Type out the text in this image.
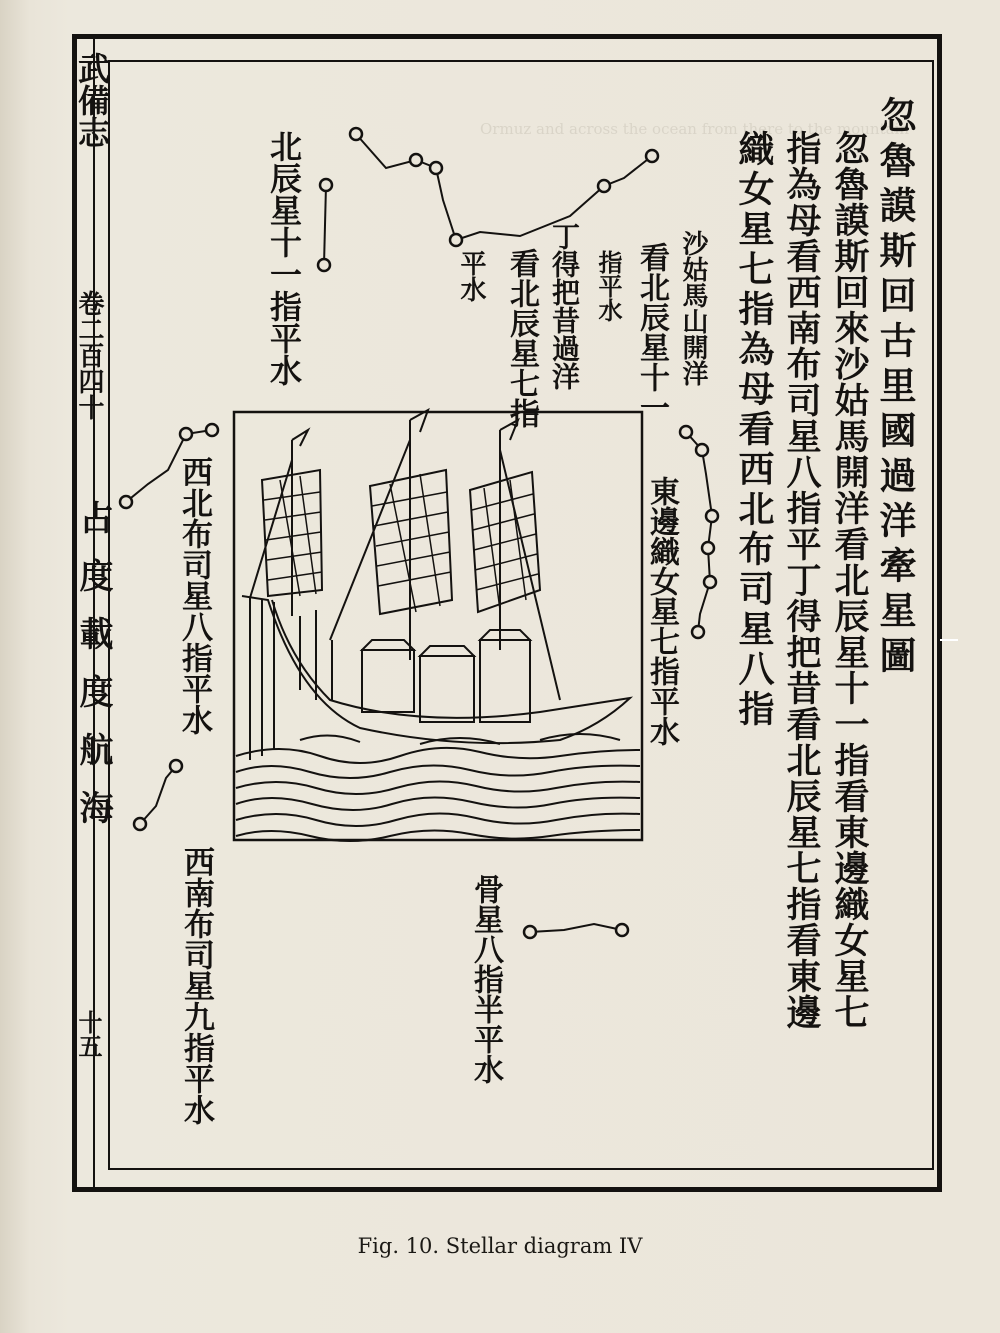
Ormuz and across the ocean from there to the mountain
武備志
卷二百四十
占度載度航海
十五
忽魯謨斯回古里國過洋牽星圖
忽魯謨斯回來沙姑馬開洋看北辰星十一指看東邊織女星七
指為母看西南布司星八指平丁得把昔看北辰星七指看東邊
織女星七指為母看西北布司星八指
沙姑馬山開洋
看北辰星十一
指平水
丁得把昔過洋
看北辰星七指
平水
北辰星十一指平水
東邊織女星七指平水
西北布司星八指平水
西南布司星九指平水	骨星八指半平水
Fig. 10. Stellar diagram IV
